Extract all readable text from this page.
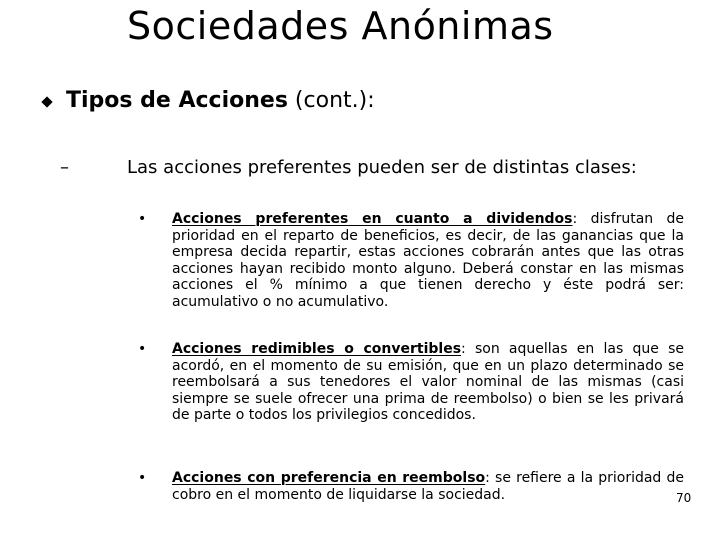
Sociedades Anónimas
Tipos de Acciones (cont.):
–	Las acciones preferentes pueden ser de distintas clases:
• Acciones preferentes en cuanto a dividendos: disfrutan de prioridad en el reparto de beneficios, es decir, de las ganancias que la empresa decida repartir, estas acciones cobrarán antes que las otras acciones hayan recibido monto alguno. Deberá constar en las mismas acciones el % mínimo a que tienen derecho y éste podrá ser: acumulativo o no acumulativo.
• Acciones redimibles o convertibles: son aquellas en las que se acordó, en el momento de su emisión, que en un plazo determinado se reembolsará a sus tenedores el valor nominal de las mismas (casi siempre se suele ofrecer una prima de reembolso) o bien se les privará de parte o todos los privilegios concedidos.
• Acciones con preferencia en reembolso: se refiere a la prioridad de cobro en el momento de liquidarse la sociedad.	70
